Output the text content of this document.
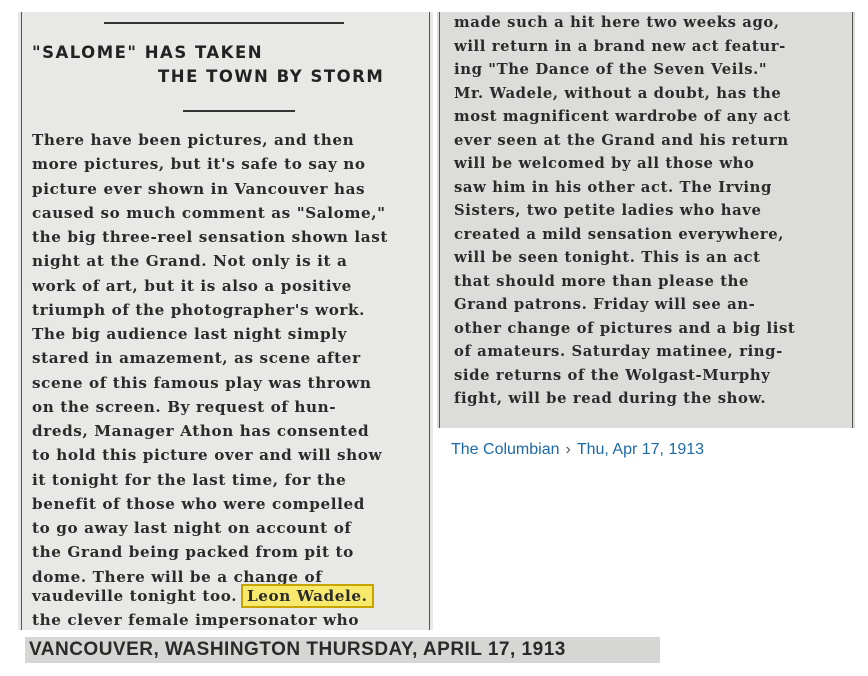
"SALOME" HAS TAKEN
THE TOWN BY STORM
There have been pictures, and then
more pictures, but it's safe to say no
picture ever shown in Vancouver has
caused so much comment as "Salome,"
the big three-reel sensation shown last
night at the Grand. Not only is it a
work of art, but it is also a positive
triumph of the photographer's work.
The big audience last night simply
stared in amazement, as scene after
scene of this famous play was thrown
on the screen. By request of hun-
dreds, Manager Athon has consented
to hold this picture over and will show
it tonight for the last time, for the
benefit of those who were compelled
to go away last night on account of
the Grand being packed from pit to
dome. There will be a change of
vaudeville tonight too. Leon Wadele.
the clever female impersonator who
made such a hit here two weeks ago,
will return in a brand new act featur-
ing "The Dance of the Seven Veils."
Mr. Wadele, without a doubt, has the
most magnificent wardrobe of any act
ever seen at the Grand and his return
will be welcomed by all those who
saw him in his other act. The Irving
Sisters, two petite ladies who have
created a mild sensation everywhere,
will be seen tonight. This is an act
that should more than please the
Grand patrons. Friday will see an-
other change of pictures and a big list
of amateurs. Saturday matinee, ring-
side returns of the Wolgast-Murphy
fight, will be read during the show.
The Columbian › Thu, Apr 17, 1913
VANCOUVER, WASHINGTON THURSDAY, APRIL 17, 1913
